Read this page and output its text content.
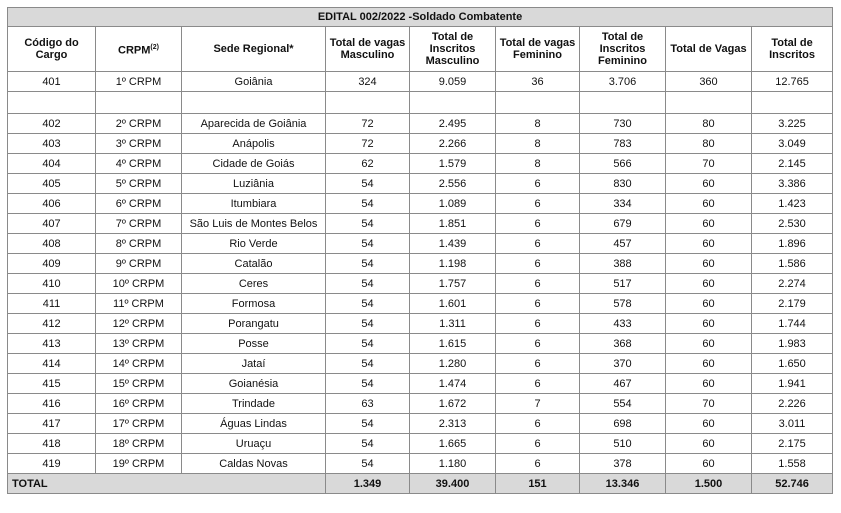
EDITAL 002/2022 -Soldado Combatente								
Código do Cargo	CRPM$^{(2)}$	Sede Regional*	Total de vagas Masculino	Total de Inscritos Masculino	Total de vagas Feminino	Total de Inscritos Feminino	Total de Vagas	Total de Inscritos
401	1º CRPM	Goiânia	324	9.059	36	3.706	360	12.765

402	2º CRPM	Aparecida de Goiânia	72	2.495	8	730	80	3.225
403	3º CRPM	Anápolis	72	2.266	8	783	80	3.049
404	4º CRPM	Cidade de Goiás	62	1.579	8	566	70	2.145
405	5º CRPM	Luziânia	54	2.556	6	830	60	3.386
406	6º CRPM	Itumbiara	54	1.089	6	334	60	1.423
407	7º CRPM	São Luis de Montes Belos	54	1.851	6	679	60	2.530
408	8º CRPM	Rio Verde	54	1.439	6	457	60	1.896
409	9º CRPM	Catalão	54	1.198	6	388	60	1.586
410	10º CRPM	Ceres	54	1.757	6	517	60	2.274
411	11º CRPM	Formosa	54	1.601	6	578	60	2.179
412	12º CRPM	Porangatu	54	1.311	6	433	60	1.744
413	13º CRPM	Posse	54	1.615	6	368	60	1.983
414	14º CRPM	Jataí	54	1.280	6	370	60	1.650
415	15º CRPM	Goianésia	54	1.474	6	467	60	1.941
416	16º CRPM	Trindade	63	1.672	7	554	70	2.226
417	17º CRPM	Águas Lindas	54	2.313	6	698	60	3.011
418	18º CRPM	Uruaçu	54	1.665	6	510	60	2.175
419	19º CRPM	Caldas Novas	54	1.180	6	378	60	1.558
TOTAL			1.349	39.400	151	13.346	1.500	52.746
